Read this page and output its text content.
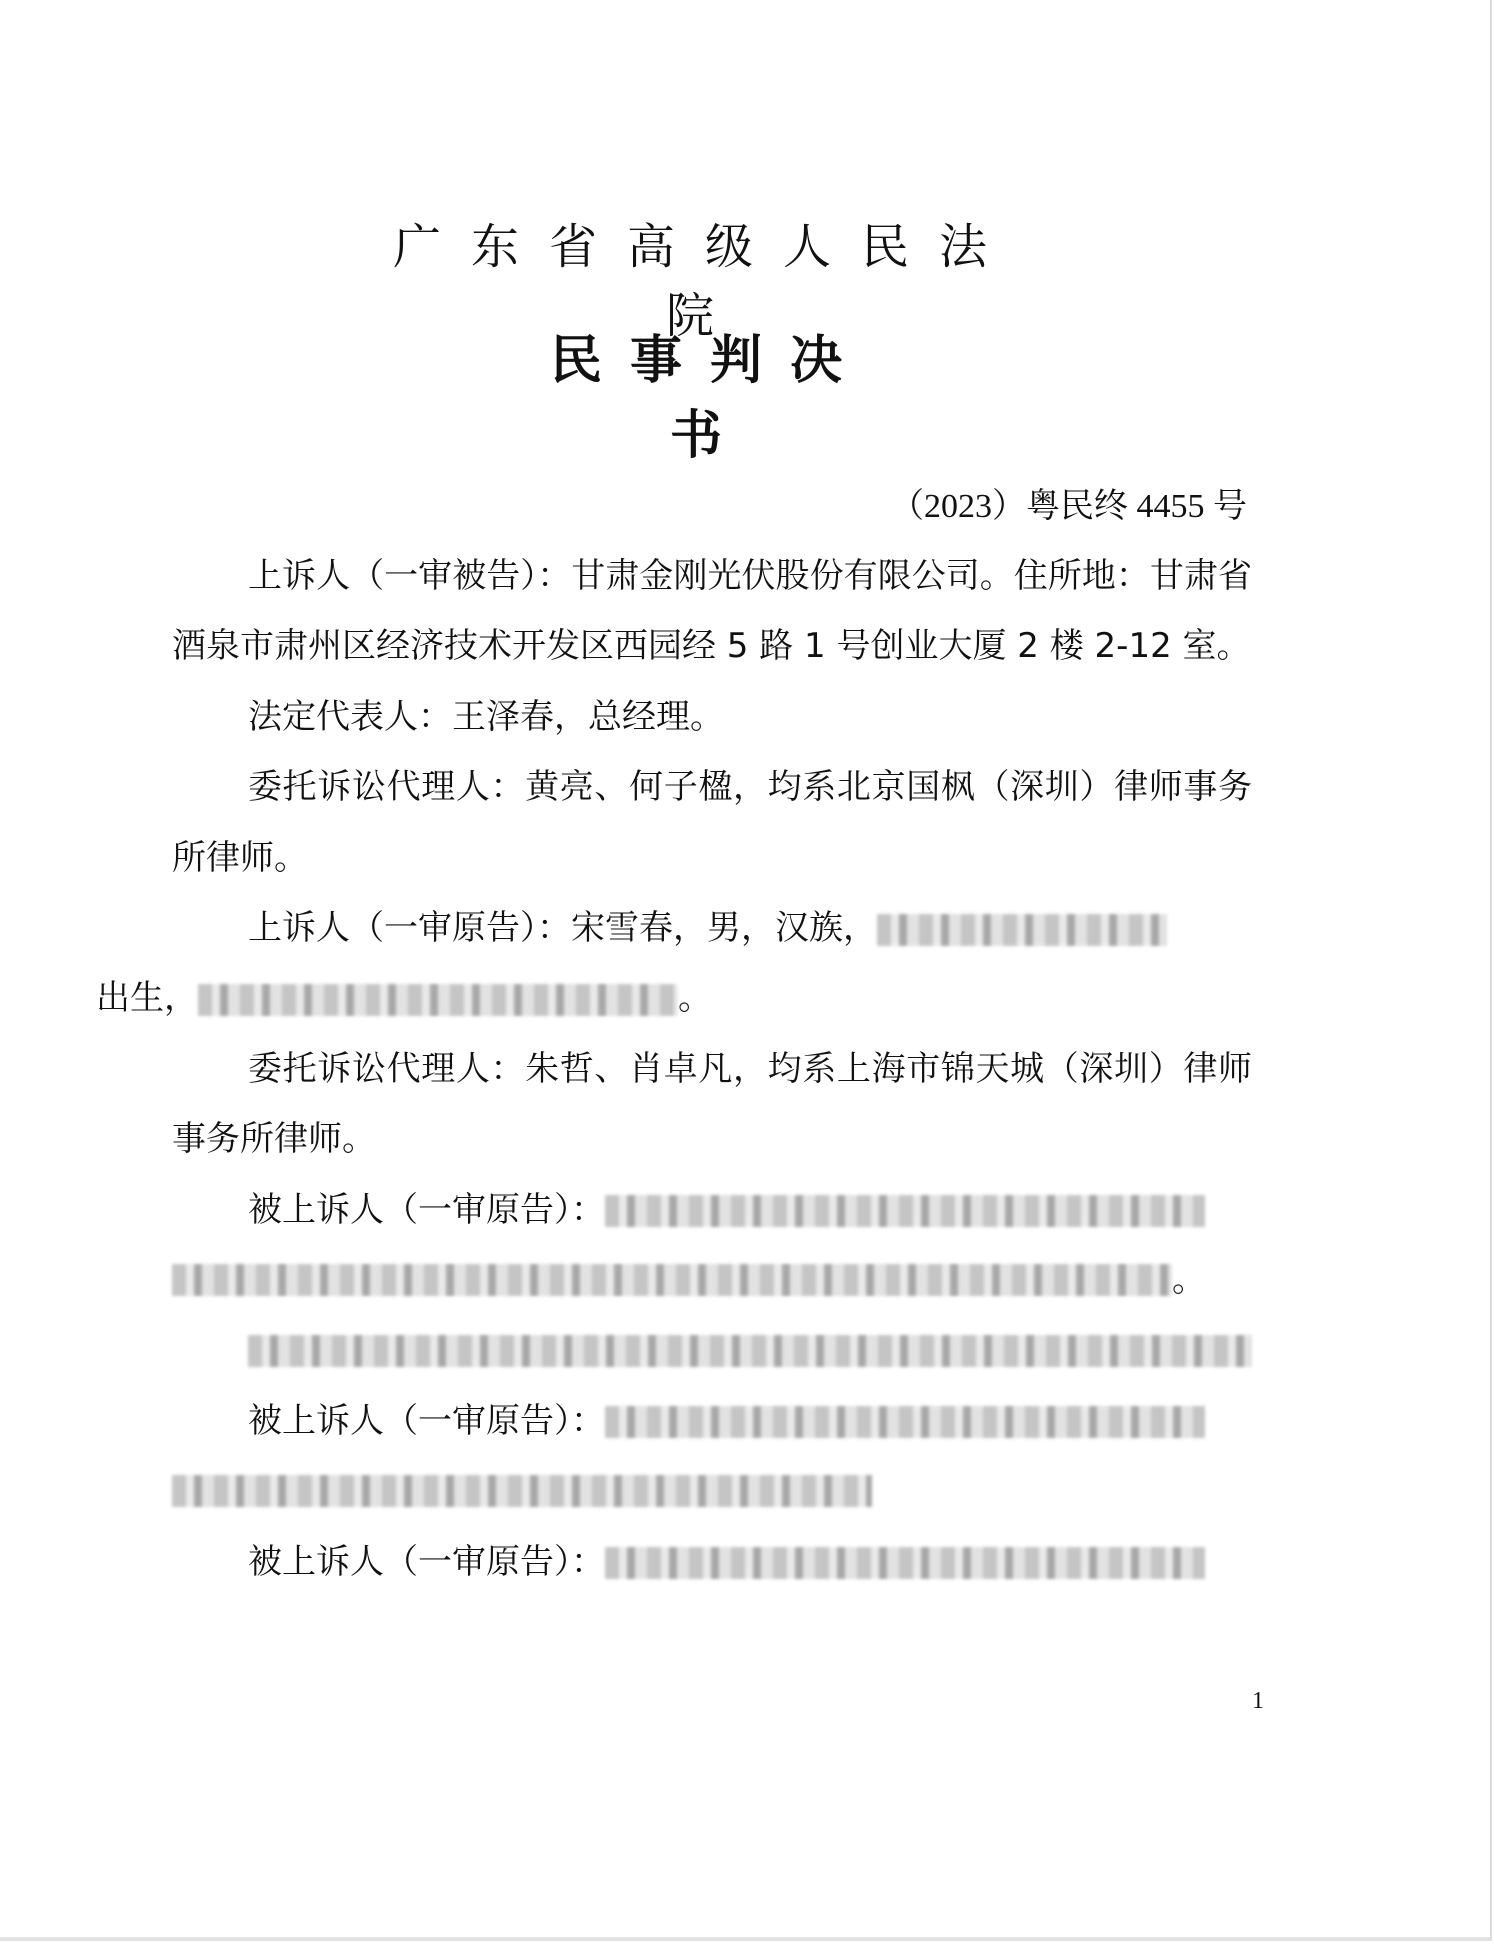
广东省高级人民法院
民事判决书
（2023）粤民终 4455 号

上诉人（一审被告）：甘肃金刚光伏股份有限公司。住所地：甘肃省酒泉市肃州区经济技术开发区西园经 5 路 1 号创业大厦 2 楼 2-12 室。

法定代表人：王泽春，总经理。

委托诉讼代理人：黄亮、何子楹，均系北京国枫（深圳）律师事务所律师。

上诉人（一审原告）：宋雪春，男，汉族，
出生，	。

委托诉讼代理人：朱哲、肖卓凡，均系上海市锦天城（深圳）律师事务所律师。

被上诉人（一审原告）：

。

被上诉人（一审原告）：

被上诉人（一审原告）：

1
